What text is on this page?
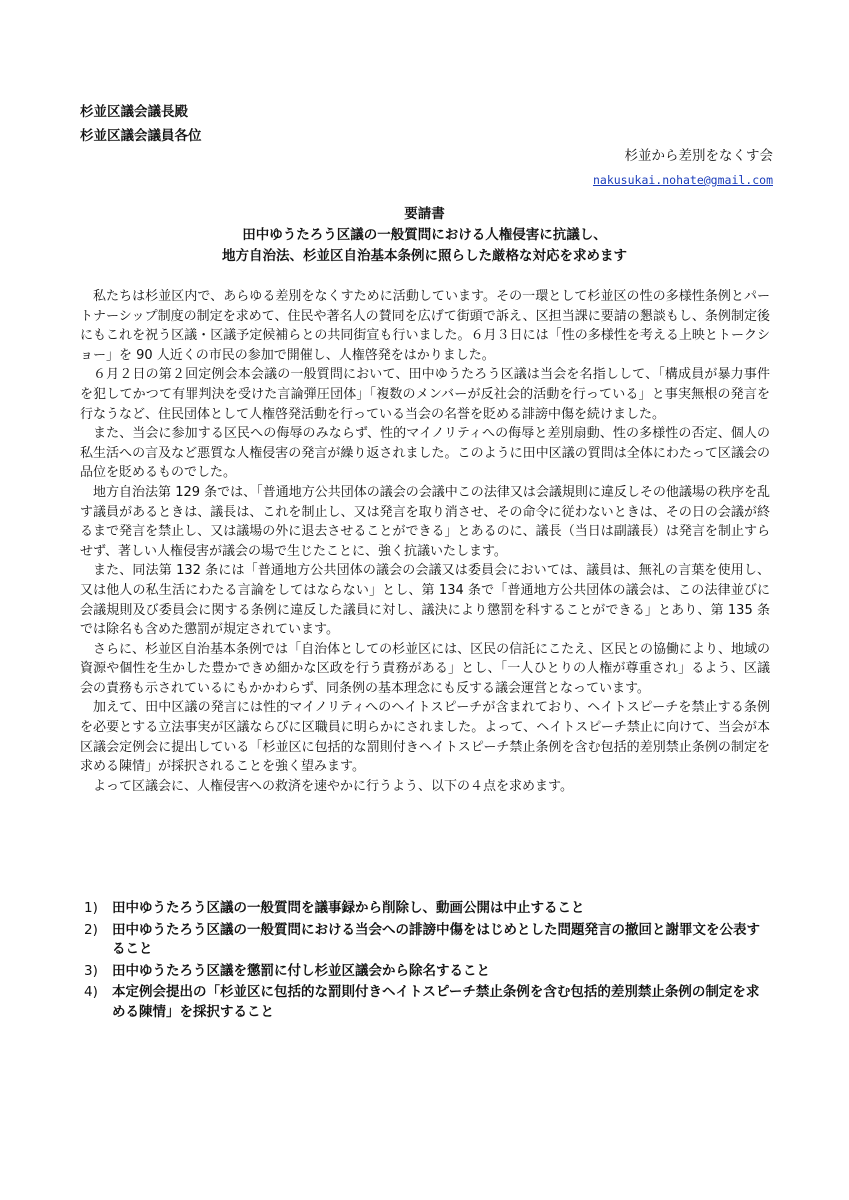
杉並区議会議長殿
杉並区議会議員各位
杉並から差別をなくす会
nakusukai.nohate@gmail.com
要請書
田中ゆうたろう区議の一般質問における人権侵害に抗議し、
地方自治法、杉並区自治基本条例に照らした厳格な対応を求めます

私たちは杉並区内で、あらゆる差別をなくすために活動しています。その一環として杉並区の性の多様性条例とパートナーシップ制度の制定を求めて、住民や著名人の賛同を広げて街頭で訴え、区担当課に要請の懇談もし、条例制定後にもこれを祝う区議・区議予定候補らとの共同街宣も行いました。６月３日には「性の多様性を考える上映とトークショー」を 90 人近くの市民の参加で開催し、人権啓発をはかりました。

６月２日の第２回定例会本会議の一般質問において、田中ゆうたろう区議は当会を名指しして、「構成員が暴力事件を犯してかつて有罪判決を受けた言論弾圧団体」「複数のメンバーが反社会的活動を行っている」と事実無根の発言を行なうなど、住民団体として人権啓発活動を行っている当会の名誉を貶める誹謗中傷を続けました。

また、当会に参加する区民への侮辱のみならず、性的マイノリティへの侮辱と差別扇動、性の多様性の否定、個人の私生活への言及など悪質な人権侵害の発言が繰り返されました。このように田中区議の質問は全体にわたって区議会の品位を貶めるものでした。

地方自治法第 129 条では、「普通地方公共団体の議会の会議中この法律又は会議規則に違反しその他議場の秩序を乱す議員があるときは、議長は、これを制止し、又は発言を取り消させ、その命令に従わないときは、その日の会議が終るまで発言を禁止し、又は議場の外に退去させることができる」とあるのに、議長（当日は副議長）は発言を制止すらせず、著しい人権侵害が議会の場で生じたことに、強く抗議いたします。

また、同法第 132 条には「普通地方公共団体の議会の会議又は委員会においては、議員は、無礼の言葉を使用し、又は他人の私生活にわたる言論をしてはならない」とし、第 134 条で「普通地方公共団体の議会は、この法律並びに会議規則及び委員会に関する条例に違反した議員に対し、議決により懲罰を科することができる」とあり、第 135 条では除名も含めた懲罰が規定されています。

さらに、杉並区自治基本条例では「自治体としての杉並区には、区民の信託にこたえ、区民との協働により、地域の資源や個性を生かした豊かできめ細かな区政を行う責務がある」とし、「一人ひとりの人権が尊重され」るよう、区議会の責務も示されているにもかかわらず、同条例の基本理念にも反する議会運営となっています。

加えて、田中区議の発言には性的マイノリティへのヘイトスピーチが含まれており、ヘイトスピーチを禁止する条例を必要とする立法事実が区議ならびに区職員に明らかにされました。よって、ヘイトスピーチ禁止に向けて、当会が本区議会定例会に提出している「杉並区に包括的な罰則付きヘイトスピーチ禁止条例を含む包括的差別禁止条例の制定を求める陳情」が採択されることを強く望みます。

よって区議会に、人権侵害への救済を速やかに行うよう、以下の４点を求めます。

1)	田中ゆうたろう区議の一般質問を議事録から削除し、動画公開は中止すること
2)	田中ゆうたろう区議の一般質問における当会への誹謗中傷をはじめとした問題発言の撤回と謝罪文を公表すること
3)	田中ゆうたろう区議を懲罰に付し杉並区議会から除名すること
4)	本定例会提出の「杉並区に包括的な罰則付きヘイトスピーチ禁止条例を含む包括的差別禁止条例の制定を求める陳情」を採択すること
